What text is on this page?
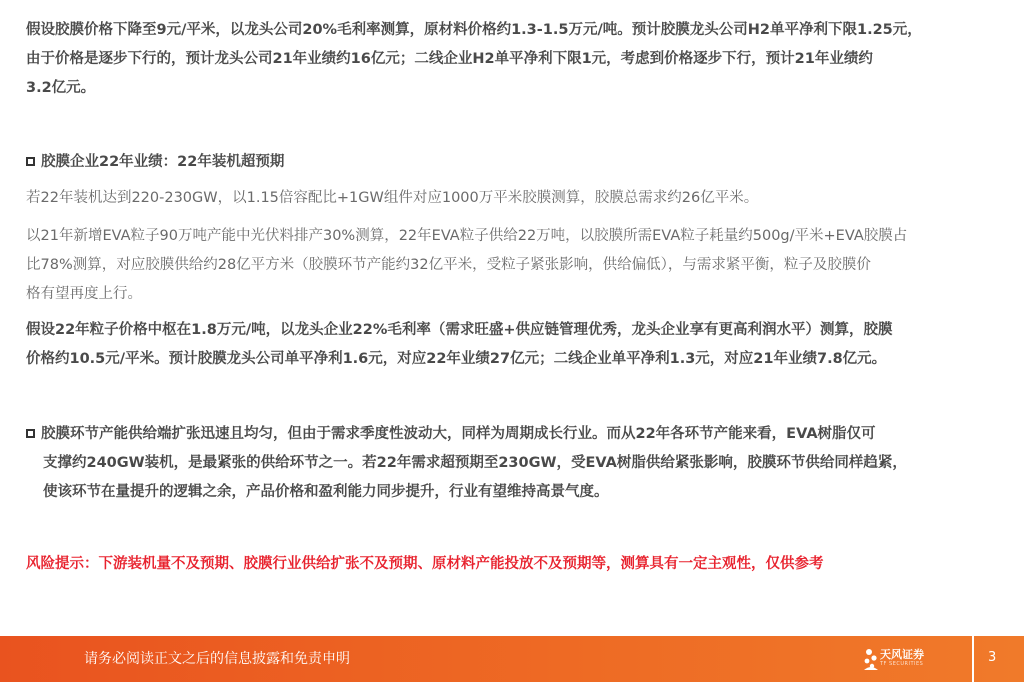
假设胶膜价格下降至9元/平米，以龙头公司20%毛利率测算，原材料价格约1.3-1.5万元/吨。预计胶膜龙头公司H2单平净利下限1.25元，
由于价格是逐步下行的，预计龙头公司21年业绩约16亿元；二线企业H2单平净利下限1元，考虑到价格逐步下行，预计21年业绩约
3.2亿元。
胶膜企业22年业绩：22年装机超预期
若22年装机达到220-230GW，以1.15倍容配比+1GW组件对应1000万平米胶膜测算，胶膜总需求约26亿平米。
以21年新增EVA粒子90万吨产能中光伏料排产30%测算，22年EVA粒子供给22万吨，以胶膜所需EVA粒子耗量约500g/平米+EVA胶膜占
比78%测算，对应胶膜供给约28亿平方米（胶膜环节产能约32亿平米，受粒子紧张影响，供给偏低），与需求紧平衡，粒子及胶膜价
格有望再度上行。
假设22年粒子价格中枢在1.8万元/吨，以龙头企业22%毛利率（需求旺盛+供应链管理优秀，龙头企业享有更高利润水平）测算，胶膜
价格约10.5元/平米。预计胶膜龙头公司单平净利1.6元，对应22年业绩27亿元；二线企业单平净利1.3元，对应21年业绩7.8亿元。
胶膜环节产能供给端扩张迅速且均匀，但由于需求季度性波动大，同样为周期成长行业。而从22年各环节产能来看，EVA树脂仅可
支撑约240GW装机，是最紧张的供给环节之一。若22年需求超预期至230GW，受EVA树脂供给紧张影响，胶膜环节供给同样趋紧，
使该环节在量提升的逻辑之余，产品价格和盈利能力同步提升，行业有望维持高景气度。
风险提示：下游装机量不及预期、胶膜行业供给扩张不及预期、原材料产能投放不及预期等，测算具有一定主观性，仅供参考
请务必阅读正文之后的信息披露和免责申明	天风证券
TF SECURITIES	3
